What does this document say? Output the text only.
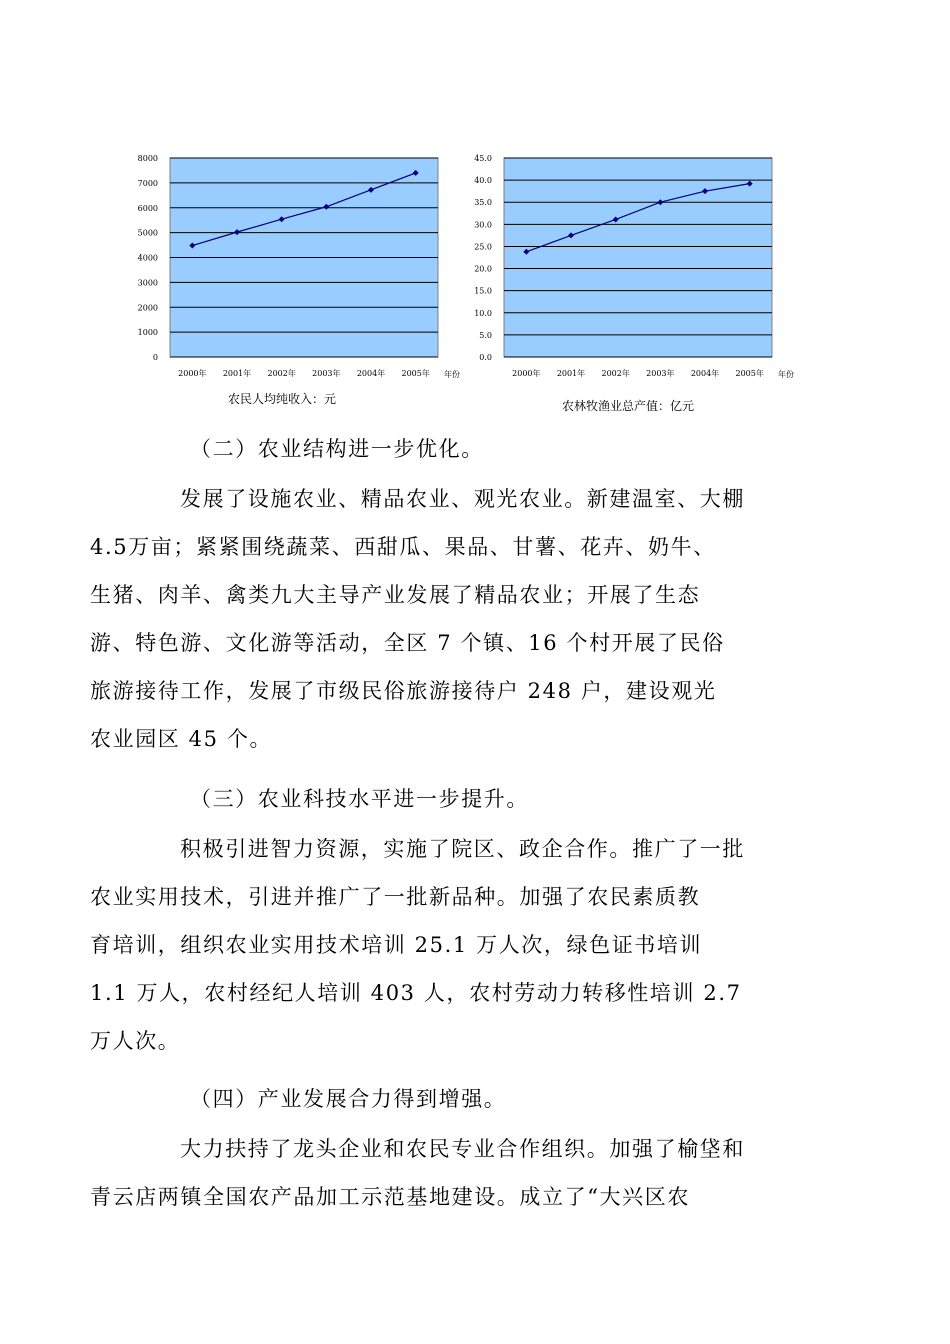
0
1000
2000
3000
4000
5000
6000
7000
8000
2000年 2001年 2002年 2003年 2004年 2005年 年份
农民人均纯收入：元
0.0
5.0
10.0
15.0
20.0
25.0
30.0
35.0
40.0
45.0
2000年 2001年 2002年 2003年 2004年 2005年 年份
农林牧渔业总产值：亿元
（二）农业结构进一步优化。
发展了设施农业、精品农业、观光农业。新建温室、大棚
4.5万亩；紧紧围绕蔬菜、西甜瓜、果品、甘薯、花卉、奶牛、
生猪、肉羊、禽类九大主导产业发展了精品农业；开展了生态
游、特色游、文化游等活动，全区 7 个镇、16 个村开展了民俗
旅游接待工作，发展了市级民俗旅游接待户 248 户，建设观光
农业园区 45 个。
（三）农业科技水平进一步提升。
积极引进智力资源，实施了院区、政企合作。推广了一批
农业实用技术，引进并推广了一批新品种。加强了农民素质教
育培训，组织农业实用技术培训 25.1 万人次，绿色证书培训
1.1 万人，农村经纪人培训 403 人，农村劳动力转移性培训 2.7
万人次。
（四）产业发展合力得到增强。
大力扶持了龙头企业和农民专业合作组织。加强了榆垡和
青云店两镇全国农产品加工示范基地建设。成立了“大兴区农
